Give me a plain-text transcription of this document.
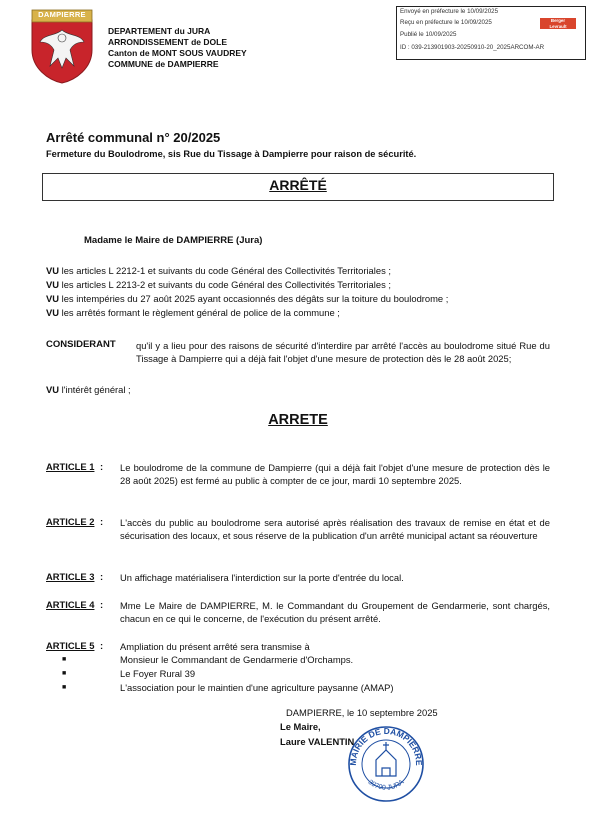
DAMPIERRE
DEPARTEMENT du JURA
ARRONDISSEMENT de DOLE
Canton de MONT SOUS VAUDREY
COMMUNE de DAMPIERRE
Envoyé en préfecture le 10/09/2025
Reçu en préfecture le 10/09/2025
Publié le 10/09/2025
ID : 039-213901903-20250910-20_2025ARCOM-AR
Berger
Levrault
Arrêté communal n° 20/2025
Fermeture du Boulodrome, sis Rue du Tissage à Dampierre pour raison de sécurité.
ARRÊTÉ
Madame le Maire de DAMPIERRE (Jura)
VU les articles L 2212-1 et suivants du code Général des Collectivités Territoriales ;
VU les articles L 2213-2 et suivants du code Général des Collectivités Territoriales ;
VU les intempéries du 27 août 2025 ayant occasionnés des dégâts sur la toiture du boulodrome ;
VU les arrêtés formant le règlement général de police de la commune ;
CONSIDERANT qu'il y a lieu pour des raisons de sécurité d'interdire par arrêté l'accès au boulodrome situé Rue du Tissage à Dampierre qui a déjà fait l'objet d'une mesure de protection dès le 28 août 2025;
VU l'intérêt général ;
ARRETE
ARTICLE 1 : Le boulodrome de la commune de Dampierre (qui a déjà fait l'objet d'une mesure de protection dès le 28 août 2025) est fermé au public à compter de ce jour, mardi 10 septembre 2025.
ARTICLE 2 : L'accès du public au boulodrome sera autorisé après réalisation des travaux de remise en état et de sécurisation des locaux, et sous réserve de la publication d'un arrêté municipal actant sa réouverture
ARTICLE 3 : Un affichage matérialisera l'interdiction sur la porte d'entrée du local.
ARTICLE 4 : Mme Le Maire de DAMPIERRE, M. le Commandant du Groupement de Gendarmerie, sont chargés, chacun en ce qui le concerne, de l'exécution du présent arrêté.
ARTICLE 5 : Ampliation du présent arrêté sera transmise à
■	Monsieur le Commandant de Gendarmerie d'Orchamps.
■	Le Foyer Rural 39
■	L'association pour le maintien d'une agriculture paysanne (AMAP)
MAIRIE DE DAMPIERRE
39700 JURA
DAMPIERRE, le 10 septembre 2025
Le Maire,
Laure VALENTIN
